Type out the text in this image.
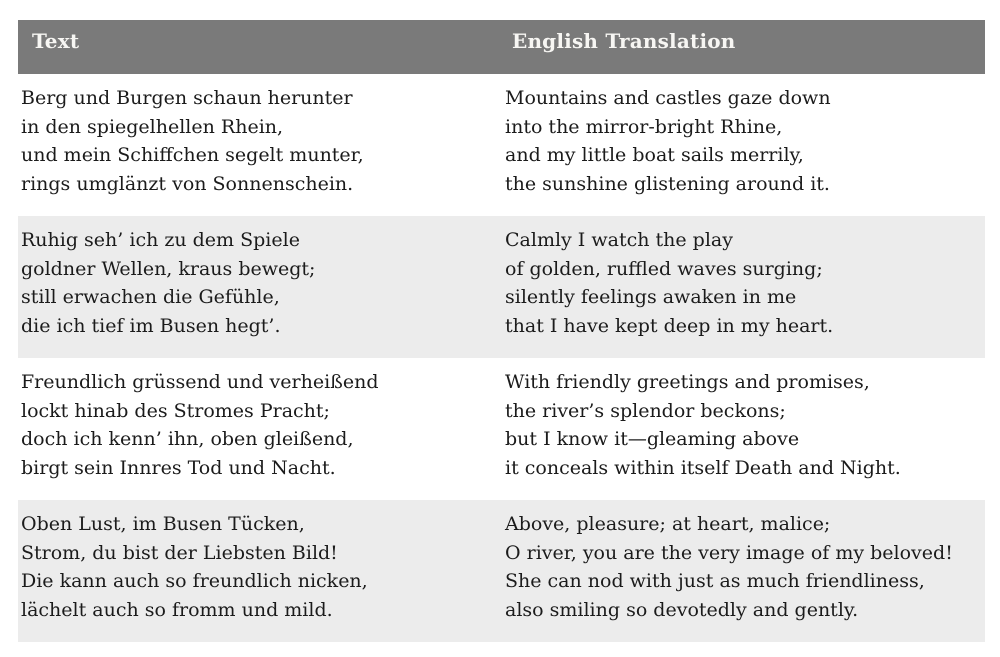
Text	English Translation
Berg und Burgen schaun herunter
in den spiegelhellen Rhein,
und mein Schiffchen segelt munter,
rings umglänzt von Sonnenschein.
Mountains and castles gaze down
into the mirror-bright Rhine,
and my little boat sails merrily,
the sunshine glistening around it.
Ruhig seh’ ich zu dem Spiele
goldner Wellen, kraus bewegt;
still erwachen die Gefühle,
die ich tief im Busen hegt’.
Calmly I watch the play
of golden, ruffled waves surging;
silently feelings awaken in me
that I have kept deep in my heart.
Freundlich grüssend und verheißend
lockt hinab des Stromes Pracht;
doch ich kenn’ ihn, oben gleißend,
birgt sein Innres Tod und Nacht.
With friendly greetings and promises,
the river’s splendor beckons;
but I know it—gleaming above
it conceals within itself Death and Night.
Oben Lust, im Busen Tücken,
Strom, du bist der Liebsten Bild!
Die kann auch so freundlich nicken,
lächelt auch so fromm und mild.
Above, pleasure; at heart, malice;
O river, you are the very image of my beloved!
She can nod with just as much friendliness,
also smiling so devotedly and gently.
